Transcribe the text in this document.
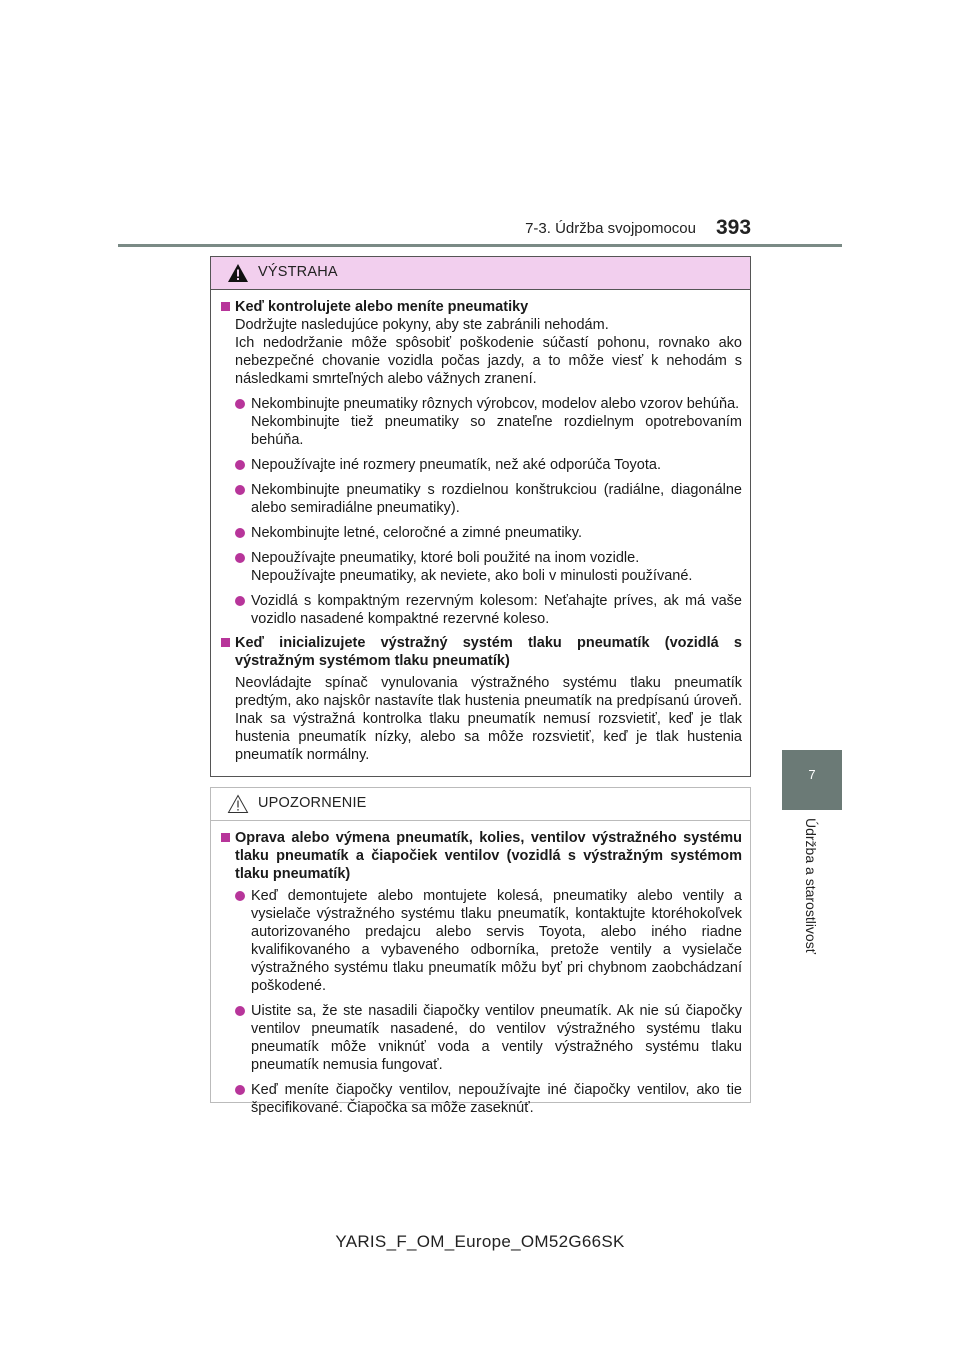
7-3. Údržba svojpomocou 393
7
Údržba a starostlivosť
VÝSTRAHA
Keď kontrolujete alebo meníte pneumatiky
Dodržujte nasledujúce pokyny, aby ste zabránili nehodám.
Ich nedodržanie môže spôsobiť poškodenie súčastí pohonu, rovnako ako nebezpečné chovanie vozidla počas jazdy, a to môže viesť k nehodám s následkami smrteľných alebo vážnych zranení.
Nekombinujte pneumatiky rôznych výrobcov, modelov alebo vzorov behúňa.
Nekombinujte tiež pneumatiky so znateľne rozdielnym opotrebovaním behúňa.
Nepoužívajte iné rozmery pneumatík, než aké odporúča Toyota.
Nekombinujte pneumatiky s rozdielnou konštrukciou (radiálne, diagonálne alebo semiradiálne pneumatiky).
Nekombinujte letné, celoročné a zimné pneumatiky.
Nepoužívajte pneumatiky, ktoré boli použité na inom vozidle.
Nepoužívajte pneumatiky, ak neviete, ako boli v minulosti používané.
Vozidlá s kompaktným rezervným kolesom: Neťahajte príves, ak má vaše vozidlo nasadené kompaktné rezervné koleso.
Keď inicializujete výstražný systém tlaku pneumatík (vozidlá s výstražným systémom tlaku pneumatík)
Neovládajte spínač vynulovania výstražného systému tlaku pneumatík predtým, ako najskôr nastavíte tlak hustenia pneumatík na predpísanú úroveň. Inak sa výstražná kontrolka tlaku pneumatík nemusí rozsvietiť, keď je tlak hustenia pneumatík nízky, alebo sa môže rozsvietiť, keď je tlak hustenia pneumatík normálny.
UPOZORNENIE
Oprava alebo výmena pneumatík, kolies, ventilov výstražného systému tlaku pneumatík a čiapočiek ventilov (vozidlá s výstražným systémom tlaku pneumatík)
Keď demontujete alebo montujete kolesá, pneumatiky alebo ventily a vysielače výstražného systému tlaku pneumatík, kontaktujte ktoréhokoľvek autorizovaného predajcu alebo servis Toyota, alebo iného riadne kvalifikovaného a vybaveného odborníka, pretože ventily a vysielače výstražného systému tlaku pneumatík môžu byť pri chybnom zaobchádzaní poškodené.
Uistite sa, že ste nasadili čiapočky ventilov pneumatík. Ak nie sú čiapočky ventilov pneumatík nasadené, do ventilov výstražného systému tlaku pneumatík môže vniknúť voda a ventily výstražného systému tlaku pneumatík nemusia fungovať.
Keď meníte čiapočky ventilov, nepoužívajte iné čiapočky ventilov, ako tie špecifikované. Čiapočka sa môže zaseknúť.
YARIS_F_OM_Europe_OM52G66SK
